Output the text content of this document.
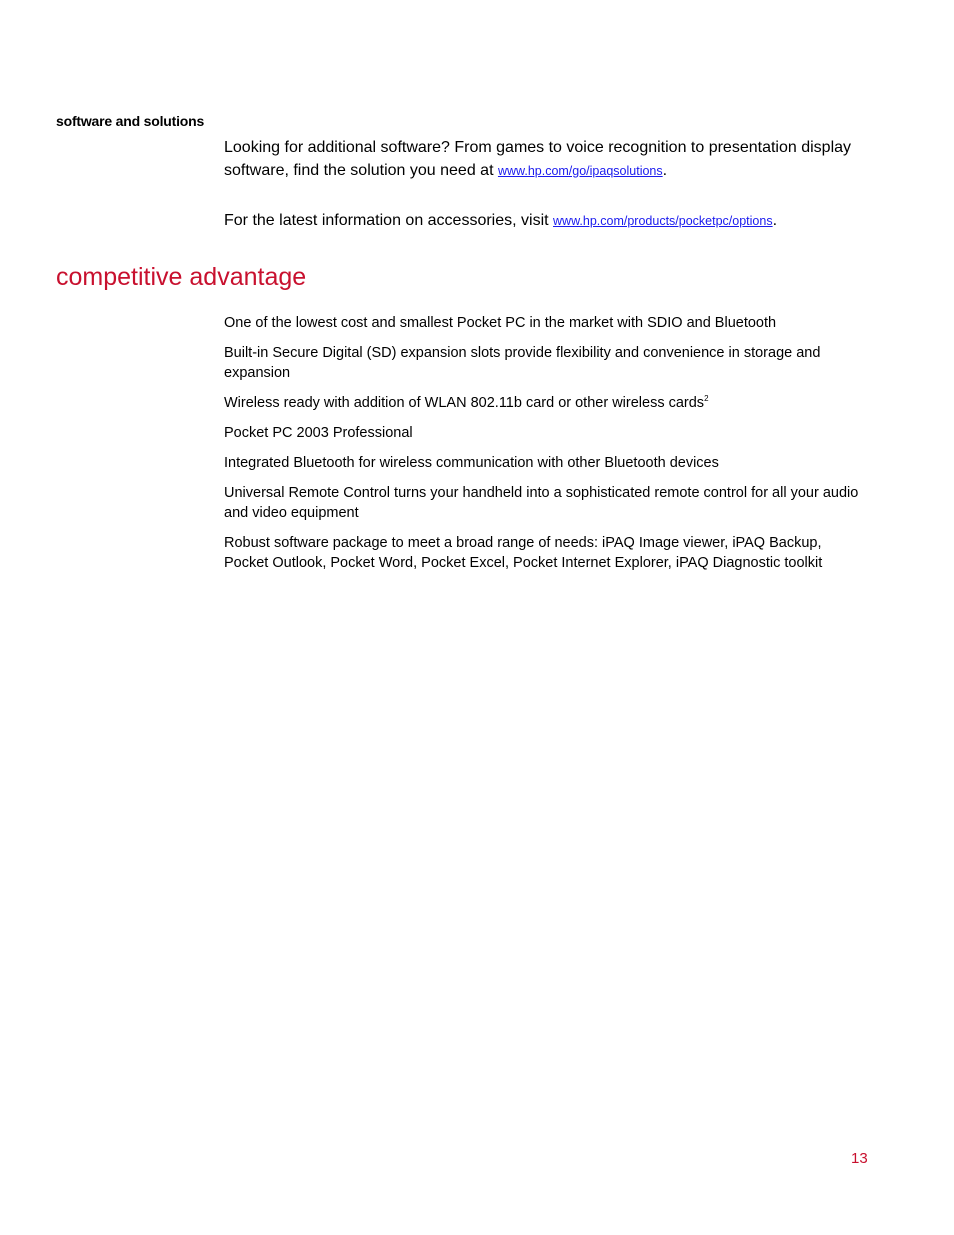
software and solutions
Looking for additional software? From games to voice recognition to presentation display software, find the solution you need at www.hp.com/go/ipaqsolutions.
For the latest information on accessories, visit www.hp.com/products/pocketpc/options.
competitive advantage
One of the lowest cost and smallest Pocket PC in the market with SDIO and Bluetooth
Built-in Secure Digital (SD) expansion slots provide flexibility and convenience in storage and expansion
Wireless ready with addition of WLAN 802.11b card or other wireless cards$^2$
Pocket PC 2003 Professional
Integrated Bluetooth for wireless communication with other Bluetooth devices
Universal Remote Control turns your handheld into a sophisticated remote control for all your audio and video equipment
Robust software package to meet a broad range of needs: iPAQ Image viewer, iPAQ Backup, Pocket Outlook, Pocket Word, Pocket Excel, Pocket Internet Explorer, iPAQ Diagnostic toolkit
13
